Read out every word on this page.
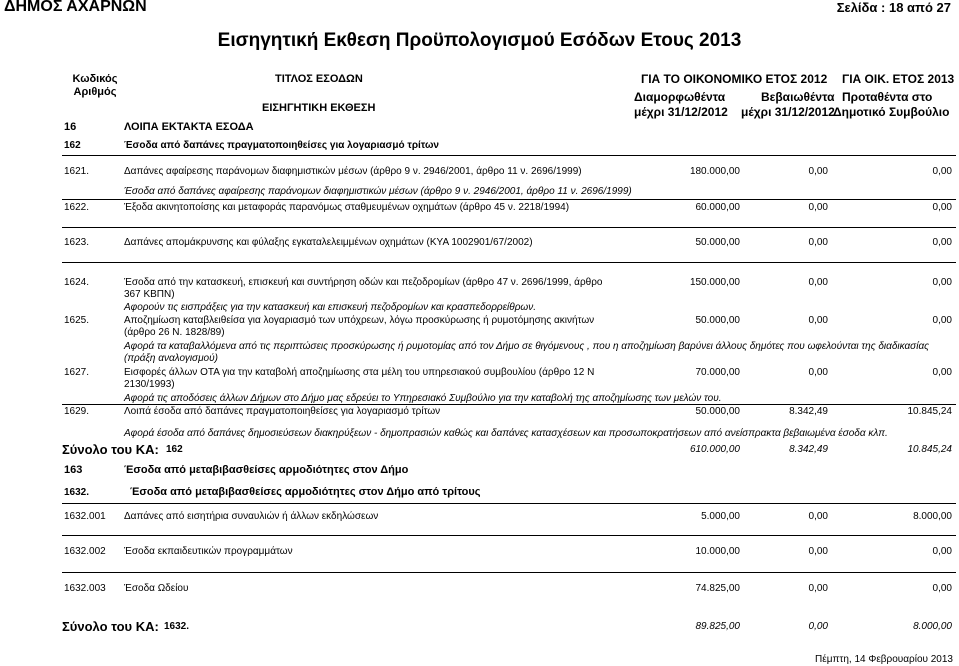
ΔΗΜΟΣ ΑΧΑΡΝΩΝ	Σελίδα : 18 από 27
Εισηγητική Εκθεση Προϋπολογισμού Εσόδων Ετους 2013
Κωδικός
Αριθμός
ΤΙΤΛΟΣ ΕΣΟΔΩΝ
ΕΙΣΗΓΗΤΙΚΗ ΕΚΘΕΣΗ
ΓΙΑ ΤΟ ΟΙΚΟΝΟΜΙΚΟ ΕΤΟΣ 2012
Διαμορφωθέντα
μέχρι 31/12/2012
Βεβαιωθέντα
μέχρι 31/12/2012
ΓΙΑ ΟΙΚ. ΕΤΟΣ 2013
Προταθέντα στο
Δημοτικό Συμβούλιο
16	ΛΟΙΠΑ ΕΚΤΑΚΤΑ ΕΣΟΔΑ
162	Έσοδα από δαπάνες πραγματοποιηθείσες για λογαριασμό τρίτων
1621.	Δαπάνες αφαίρεσης παράνομων διαφημιστικών μέσων (άρθρο 9 ν. 2946/2001, άρθρο 11 ν. 2696/1999)	180.000,00	0,00	0,00
Έσοδα από δαπάνες αφαίρεσης παράνομων διαφημιστικών μέσων (άρθρο 9 ν. 2946/2001, άρθρο 11 ν. 2696/1999)
1622.	Έξοδα ακινητοποίσης και μεταφοράς παρανόμως σταθμευμένων οχημάτων (άρθρο 45 ν. 2218/1994)	60.000,00	0,00	0,00
1623.	Δαπάνες απομάκρυνσης και φύλαξης εγκαταλελειμμένων οχημάτων (ΚΥΑ 1002901/67/2002)	50.000,00	0,00	0,00
1624.	Έσοδα από την κατασκευή, επισκευή και συντήρηση οδών και πεζοδρομίων (άρθρο 47 ν. 2696/1999, άρθρο
367 ΚΒΠΝ)
150.000,00	0,00	0,00
Αφορούν τις εισπράξεις για την κατασκευή και επισκευή πεζοδρομίων και κρασπεδορρείθρων.
1625.	Αποζημίωση καταβλειθείσα για λογαριασμό των υπόχρεων, λόγω προσκύρωσης ή ρυμοτόμησης ακινήτων
(άρθρο 26 Ν. 1828/89)
50.000,00	0,00	0,00
Αφορά τα καταβαλλόμενα από τις περιπτώσεις προσκύρωσης ή ρυμοτομίας από τον Δήμο σε θιγόμενους , που η αποζημίωση βαρύνει άλλους δημότες που ωφελούνται της διαδικασίας
(πράξη αναλογισμού)
1627.	Εισφορές άλλων ΟΤΑ για την καταβολή αποζημίωσης στα μέλη του υπηρεσιακού συμβουλίου (άρθρο 12 Ν
2130/1993)
70.000,00	0,00	0,00
Αφορά τις αποδόσεις άλλων Δήμων στο Δήμο μας εδρεύει το Υπηρεσιακό Συμβούλιο για την καταβολή της αποζημίωσης των μελών του.
1629.	Λοιπά έσοδα από δαπάνες πραγματοποιηθείσες για λογαριασμό τρίτων	50.000,00	8.342,49	10.845,24
Αφορά έσοδα από δαπάνες δημοσιεύσεων διακηρύξεων - δημοπρασιών καθώς και δαπάνες κατασχέσεων και προσωποκρατήσεων από ανείσπρακτα βεβαιωμένα έσοδα κλπ.
Σύνολο του ΚΑ: 162	610.000,00	8.342,49	10.845,24
163	Έσοδα από μεταβιβασθείσες αρμοδιότητες στον Δήμο
1632.	Έσοδα από μεταβιβασθείσες αρμοδιότητες στον Δήμο από τρίτους
1632.001 Δαπάνες από εισητήρια συναυλιών ή άλλων εκδηλώσεων	5.000,00	0,00	8.000,00
1632.002 Έσοδα εκπαιδευτικών προγραμμάτων	10.000,00	0,00	0,00
1632.003 Έσοδα Ωδείου	74.825,00	0,00	0,00
Σύνολο του ΚΑ: 1632.	89.825,00	0,00	8.000,00
Πέμπτη, 14 Φεβρουαρίου 2013
